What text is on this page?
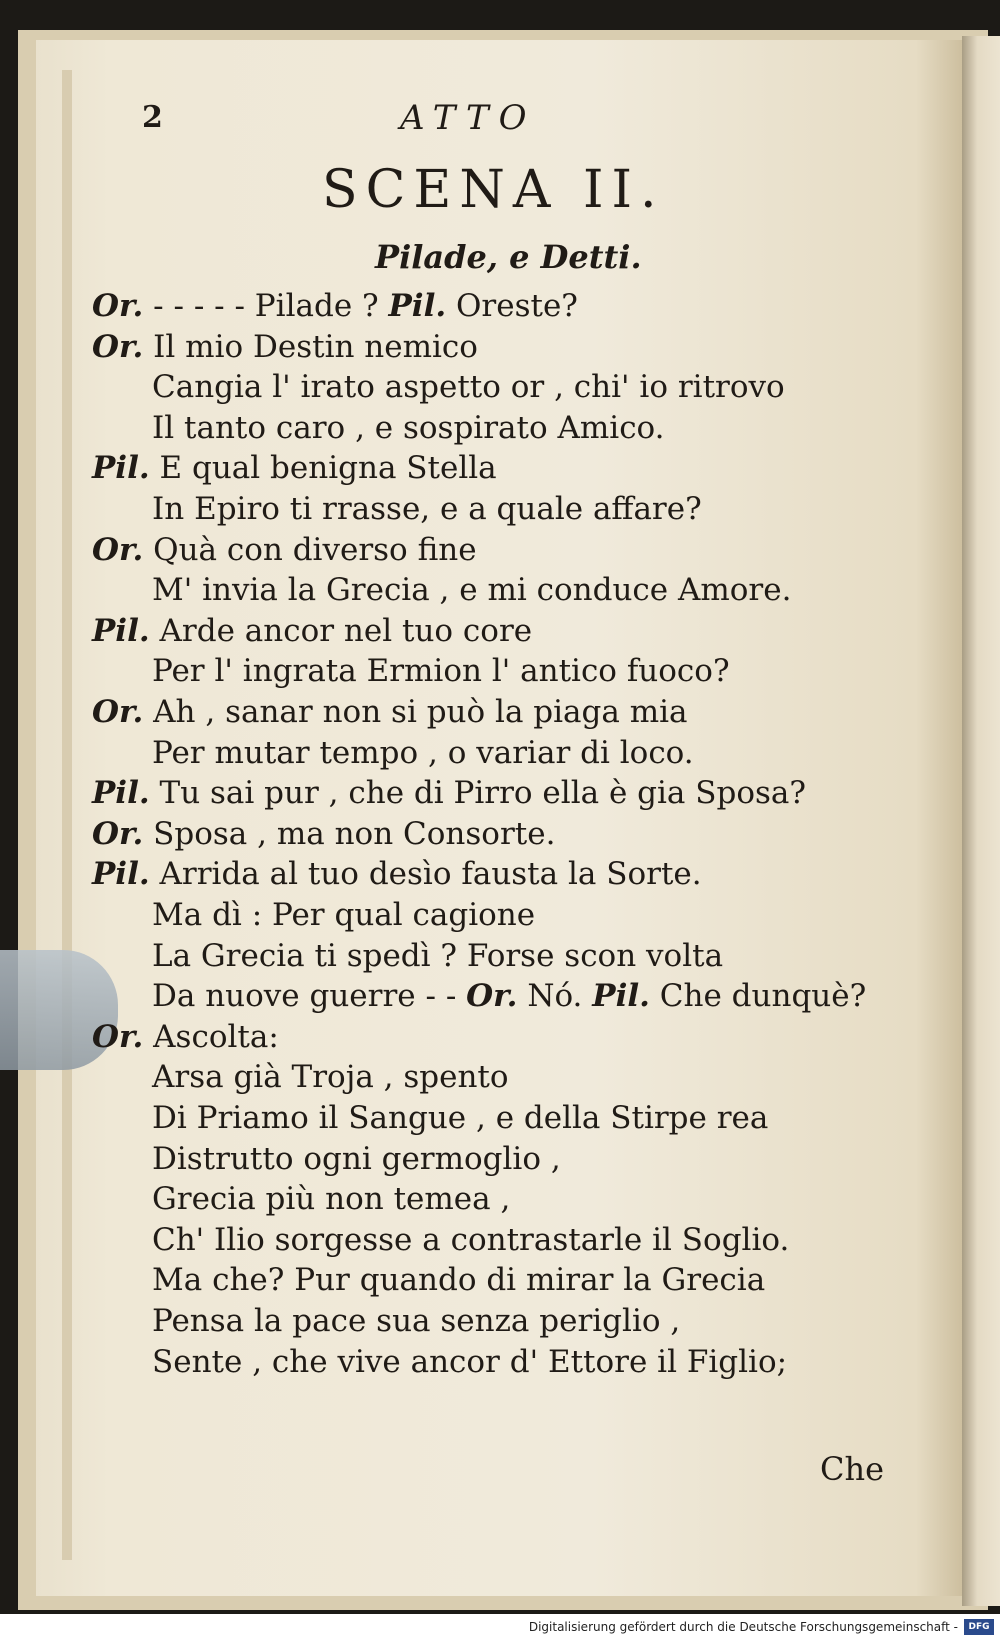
2	ATTO
SCENA II.
Pilade, e Detti.
Or. - - - - - Pilade ? Pil. Oreste?
Or. Il mio Destin nemico
Cangia l' irato aspetto or , chi' io ritrovo
Il tanto caro , e sospirato Amico.
Pil. E qual benigna Stella
In Epiro ti rrasse, e a quale affare?
Or. Quà con diverso fine
M' invia la Grecia , e mi conduce Amore.
Pil. Arde ancor nel tuo core
Per l' ingrata Ermion l' antico fuoco?
Or. Ah , sanar non si può la piaga mia
Per mutar tempo , o variar di loco.
Pil. Tu sai pur , che di Pirro ella è gia Sposa?
Or. Sposa , ma non Consorte.
Pil. Arrida al tuo desìo fausta la Sorte.
Ma dì : Per qual cagione
La Grecia ti spedì ? Forse scon volta
Da nuove guerre - - Or. Nó. Pil. Che dunquè?
Or. Ascolta:
Arsa già Troja , spento
Di Priamo il Sangue , e della Stirpe rea
Distrutto ogni germoglio ,
Grecia più non temea ,
Ch' Ilio sorgesse a contrastarle il Soglio.
Ma che? Pur quando di mirar la Grecia
Pensa la pace sua senza periglio ,
Sente , che vive ancor d' Ettore il Figlio;
Che
Digitalisierung gefördert durch die Deutsche Forschungsgemeinschaft -	DFG
